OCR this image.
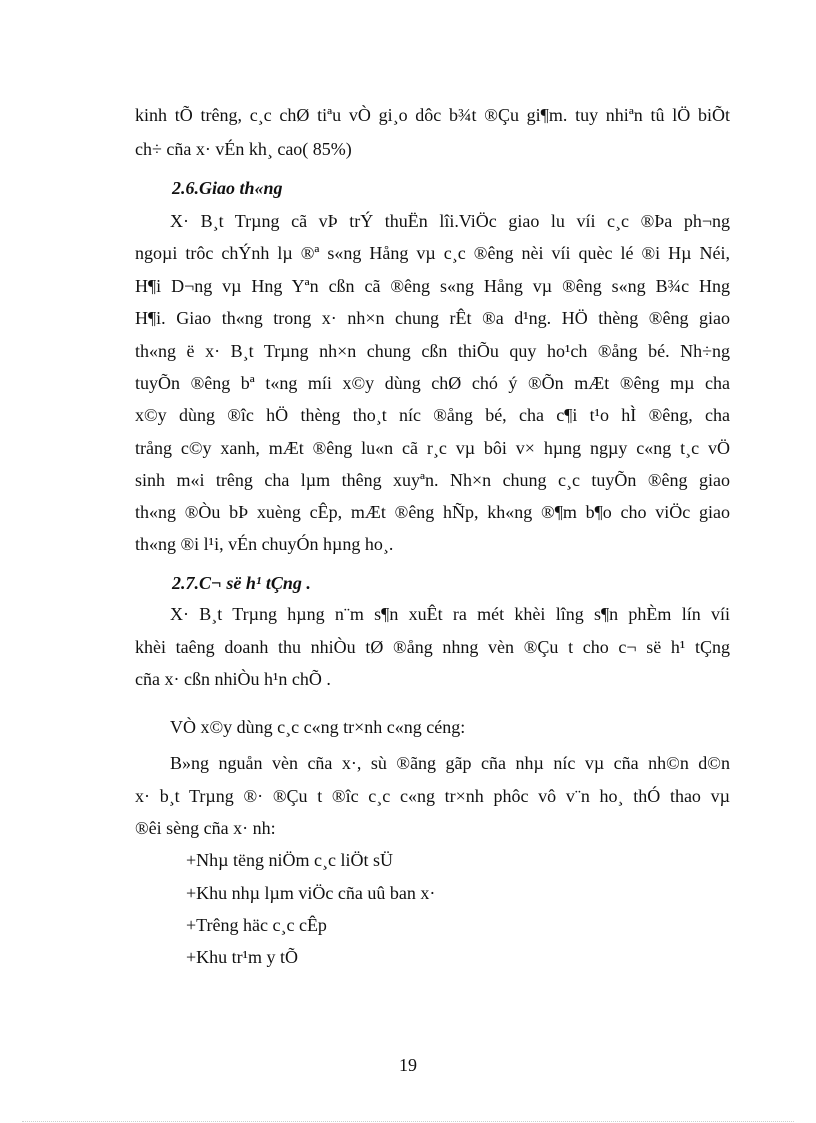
kinh tÕ trêng, c¸c chØ tiªu vÒ gi¸o dôc b¾t ®Çu gi¶m. tuy nhiªn tû lÖ biÕt
ch÷ cña x· vÉn kh¸ cao( 85%)
2.6.Giao th«ng
X· B¸t Trµng cã vÞ trÝ thuËn lîi.ViÖc giao lu víi c¸c ®Þa ph¬ng
ngoµi trôc chÝnh lµ ®ª s«ng Hång vµ c¸c ®êng nèi víi quèc lé ®i Hµ Néi,
H¶i D¬ng vµ Hng Yªn cßn cã ®êng s«ng Hång vµ ®êng s«ng B¾c Hng
H¶i. Giao th«ng trong x· nh×n chung rÊt ®a d¹ng. HÖ thèng ®êng giao
th«ng ë x· B¸t Trµng nh×n chung cßn thiÕu quy ho¹ch ®ång bé. Nh÷ng
tuyÕn ®êng bª t«ng míi x©y dùng chØ chó ý ®Õn mÆt ®êng mµ cha
x©y dùng ®îc hÖ thèng tho¸t níc ®ång bé, cha c¶i t¹o hÌ ®êng, cha
trång c©y xanh, mÆt ®êng lu«n cã r¸c vµ bôi v× hµng ngµy c«ng t¸c vÖ
sinh m«i trêng cha lµm thêng xuyªn. Nh×n chung c¸c tuyÕn ®êng giao
th«ng ®Òu bÞ xuèng cÊp, mÆt ®êng hÑp, kh«ng ®¶m b¶o cho viÖc giao
th«ng ®i l¹i, vÉn chuyÓn hµng ho¸.
2.7.C¬ së h¹ tÇng .
X· B¸t Trµng hµng n¨m s¶n xuÊt ra mét khèi lîng s¶n phÈm lín víi
khèi taêng doanh thu nhiÒu tØ ®ång nhng vèn ®Çu t cho c¬ së h¹ tÇng
cña x· cßn nhiÒu h¹n chÕ .
VÒ x©y dùng c¸c c«ng tr×nh c«ng céng:
B»ng nguån vèn cña x·, sù ®ãng gãp cña nhµ níc vµ cña nh©n d©n
x· b¸t Trµng ®· ®Çu t ®îc c¸c c«ng tr×nh phôc vô v¨n ho¸ thÓ thao vµ
®êi sèng cña x· nh:
+Nhµ tëng niÖm c¸c liÖt sÜ
+Khu nhµ lµm viÖc cña uû ban x·
+Trêng häc c¸c cÊp
+Khu tr¹m y tÕ
19
